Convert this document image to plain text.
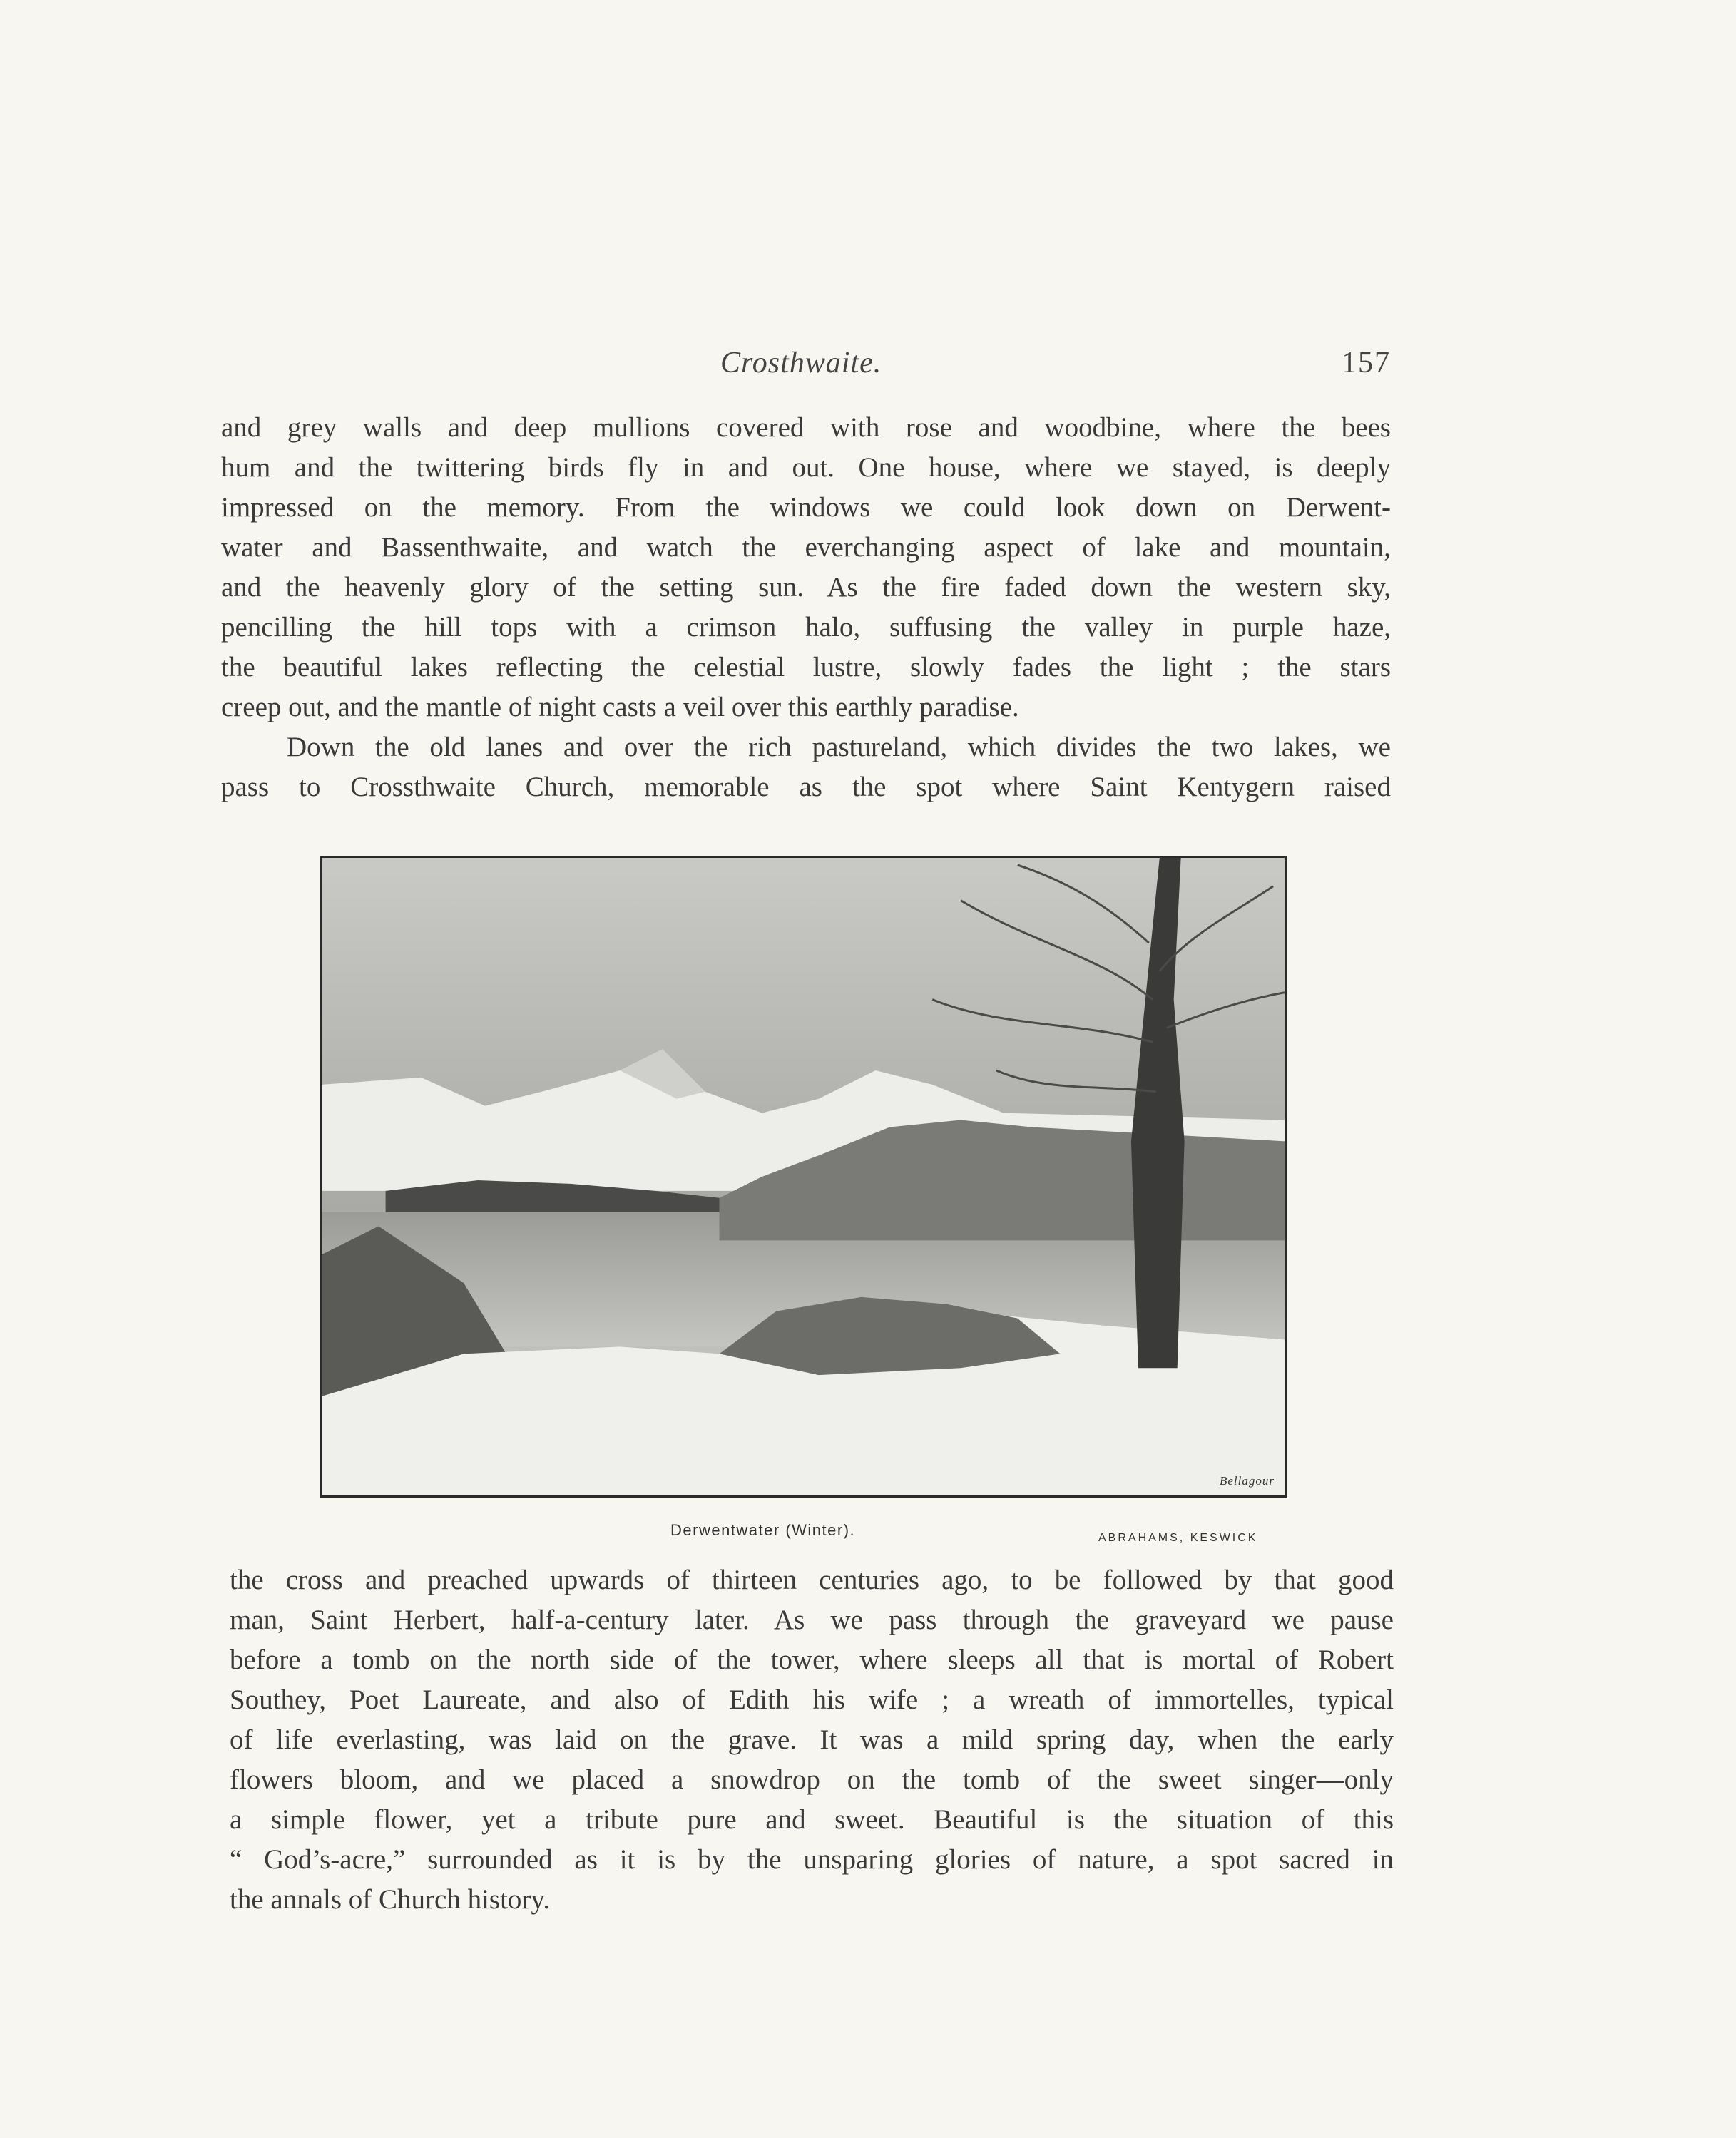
Crosthwaite.	157
and grey walls and deep mullions covered with rose and woodbine, where the bees
hum and the twittering birds fly in and out. One house, where we stayed, is deeply
impressed on the memory. From the windows we could look down on Derwent-
water and Bassenthwaite, and watch the everchanging aspect of lake and mountain,
and the heavenly glory of the setting sun. As the fire faded down the western sky,
pencilling the hill tops with a crimson halo, suffusing the valley in purple haze,
the beautiful lakes reflecting the celestial lustre, slowly fades the light ; the stars
creep out, and the mantle of night casts a veil over this earthly paradise.
Down the old lanes and over the rich pastureland, which divides the two lakes, we
pass to Crossthwaite Church, memorable as the spot where Saint Kentygern raised
Bellagour
Derwentwater (Winter).	ABRAHAMS, KESWICK
the cross and preached upwards of thirteen centuries ago, to be followed by that good
man, Saint Herbert, half-a-century later. As we pass through the graveyard we pause
before a tomb on the north side of the tower, where sleeps all that is mortal of Robert
Southey, Poet Laureate, and also of Edith his wife ; a wreath of immortelles, typical
of life everlasting, was laid on the grave. It was a mild spring day, when the early
flowers bloom, and we placed a snowdrop on the tomb of the sweet singer—only
a simple flower, yet a tribute pure and sweet. Beautiful is the situation of this
“ God’s-acre,” surrounded as it is by the unsparing glories of nature, a spot sacred in
the annals of Church history.
